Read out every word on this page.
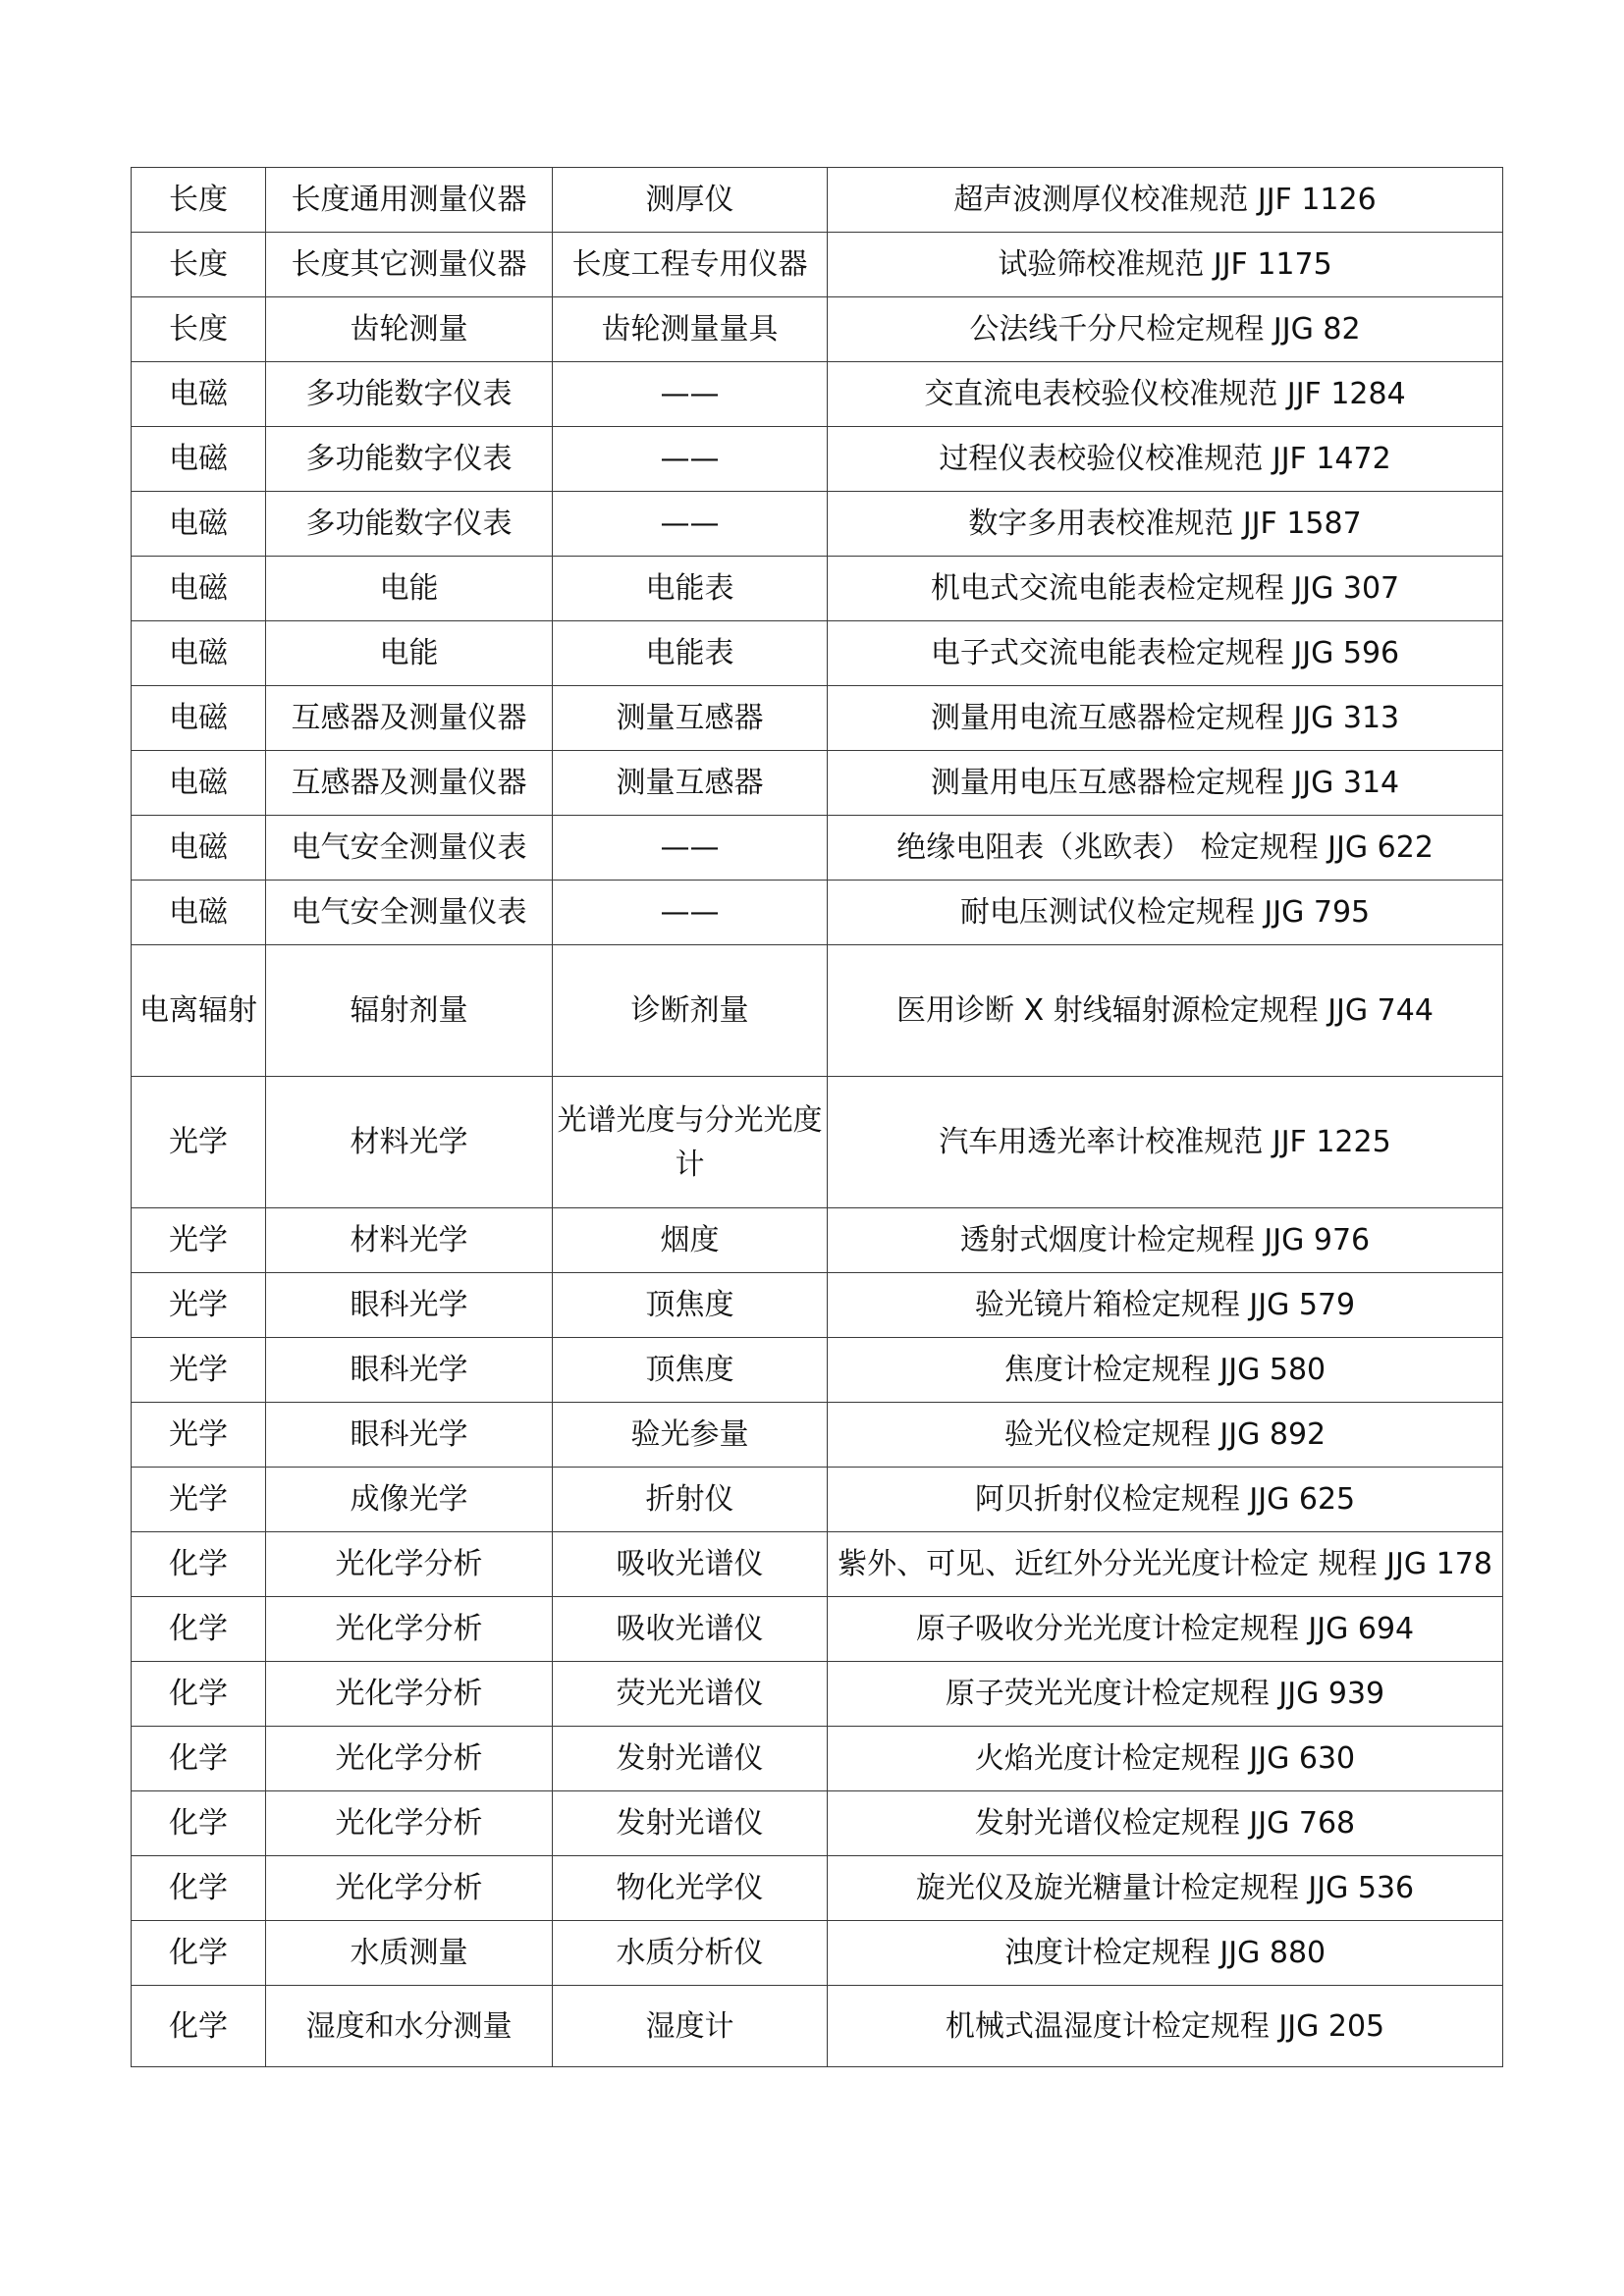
长度	长度通用测量仪器	测厚仪	超声波测厚仪校准规范 JJF 1126
长度	长度其它测量仪器	长度工程专用仪器	试验筛校准规范 JJF 1175
长度	齿轮测量	齿轮测量量具	公法线千分尺检定规程 JJG 82
电磁	多功能数字仪表	——	交直流电表校验仪校准规范 JJF 1284
电磁	多功能数字仪表	——	过程仪表校验仪校准规范 JJF 1472
电磁	多功能数字仪表	——	数字多用表校准规范 JJF 1587
电磁	电能	电能表	机电式交流电能表检定规程 JJG 307
电磁	电能	电能表	电子式交流电能表检定规程 JJG 596
电磁	互感器及测量仪器	测量互感器	测量用电流互感器检定规程 JJG 313
电磁	互感器及测量仪器	测量互感器	测量用电压互感器检定规程 JJG 314
电磁	电气安全测量仪表	——	绝缘电阻表（兆欧表） 检定规程 JJG 622
电磁	电气安全测量仪表	——	耐电压测试仪检定规程 JJG 795
电离辐射	辐射剂量	诊断剂量	医用诊断 X 射线辐射源检定规程 JJG 744
光学	材料光学	光谱光度与分光光度计	汽车用透光率计校准规范 JJF 1225
光学	材料光学	烟度	透射式烟度计检定规程 JJG 976
光学	眼科光学	顶焦度	验光镜片箱检定规程 JJG 579
光学	眼科光学	顶焦度	焦度计检定规程 JJG 580
光学	眼科光学	验光参量	验光仪检定规程 JJG 892
光学	成像光学	折射仪	阿贝折射仪检定规程 JJG 625
化学	光化学分析	吸收光谱仪	紫外、可见、近红外分光光度计检定 规程 JJG 178
化学	光化学分析	吸收光谱仪	原子吸收分光光度计检定规程 JJG 694
化学	光化学分析	荧光光谱仪	原子荧光光度计检定规程 JJG 939
化学	光化学分析	发射光谱仪	火焰光度计检定规程 JJG 630
化学	光化学分析	发射光谱仪	发射光谱仪检定规程 JJG 768
化学	光化学分析	物化光学仪	旋光仪及旋光糖量计检定规程 JJG 536
化学	水质测量	水质分析仪	浊度计检定规程 JJG 880
化学	湿度和水分测量	湿度计	机械式温湿度计检定规程 JJG 205
